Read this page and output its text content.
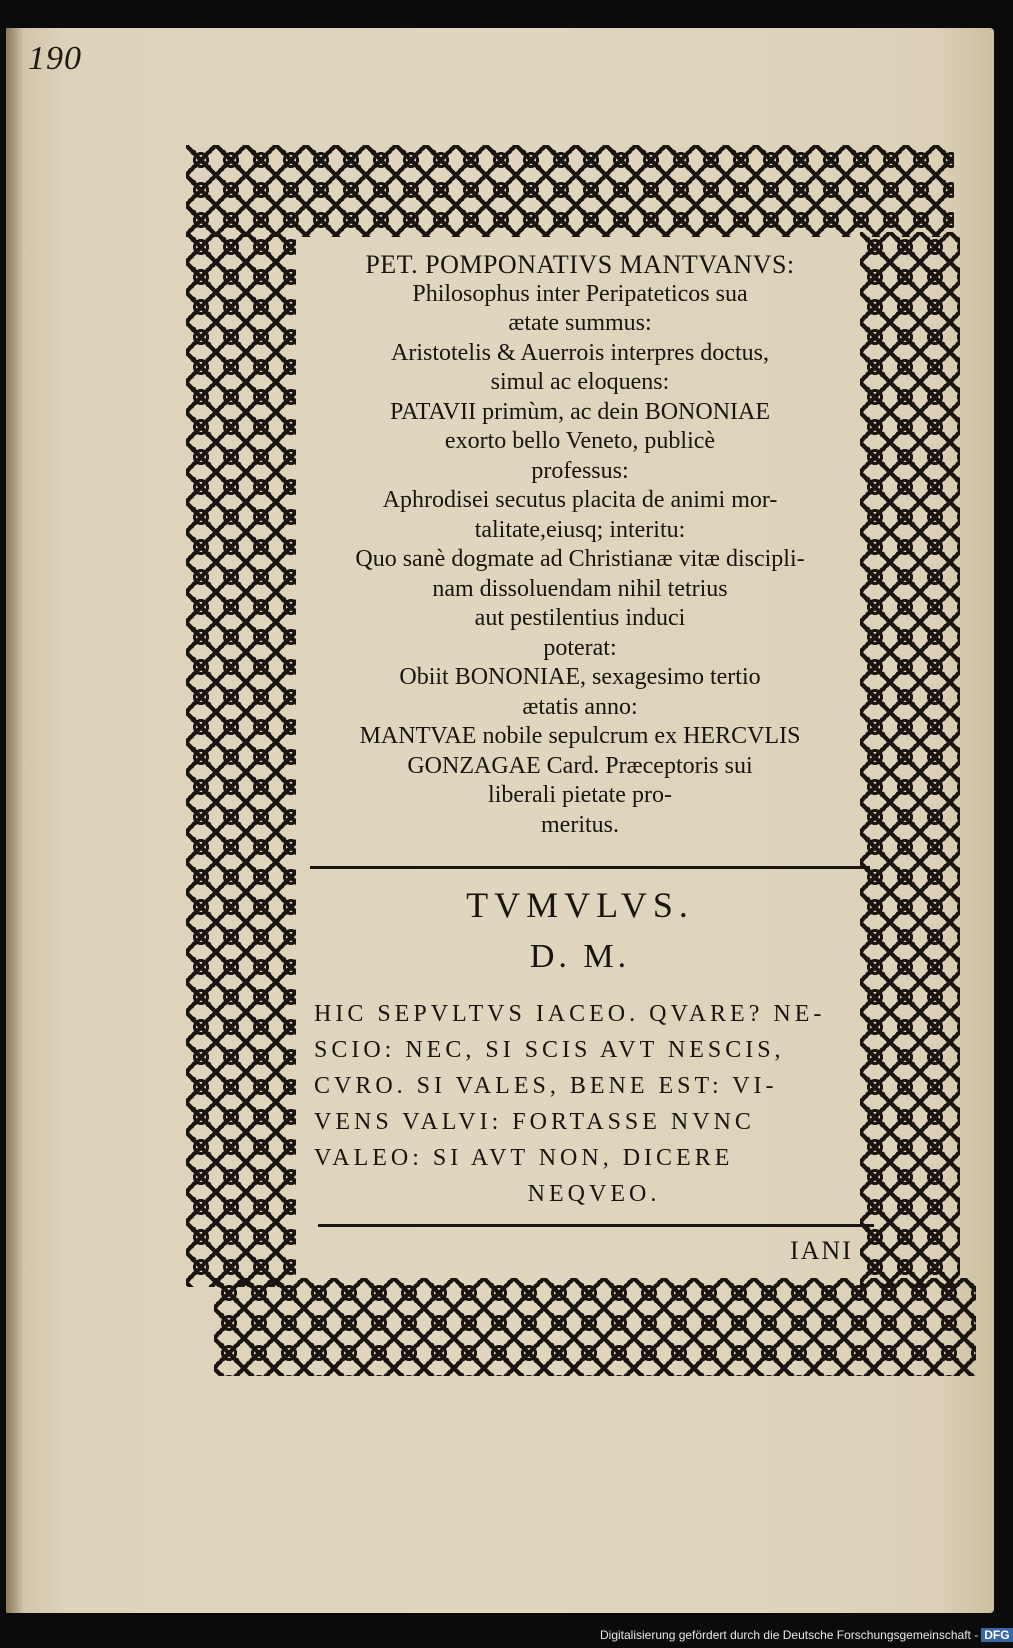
190
PET. POMPONATIVS MANTVANVS:
Philosophus inter Peripateticos sua
ætate summus:
Aristotelis & Auerrois interpres doctus,
simul ac eloquens:
PATAVII primùm, ac dein BONONIAE
exorto bello Veneto, publicè
professus:
Aphrodisei secutus placita de animi mor-
talitate,eiusq; interitu:
Quo sanè dogmate ad Christianæ vitæ discipli-
nam dissoluendam nihil tetrius
aut pestilentius induci
poterat:
Obiit BONONIAE, sexagesimo tertio
ætatis anno:
MANTVAE nobile sepulcrum ex HERCVLIS
GONZAGAE Card. Præceptoris sui
liberali pietate pro-
meritus.
TVMVLVS.
D. M.
HIC SEPVLTVS IACEO. QVARE? NE-
SCIO: NEC, SI SCIS AVT NESCIS,
CVRO. SI VALES, BENE EST: VI-
VENS VALVI: FORTASSE NVNC
VALEO: SI AVT NON, DICERE
NEQVEO.
IANI
Digitalisierung gefördert durch die Deutsche Forschungsgemeinschaft - DFG
